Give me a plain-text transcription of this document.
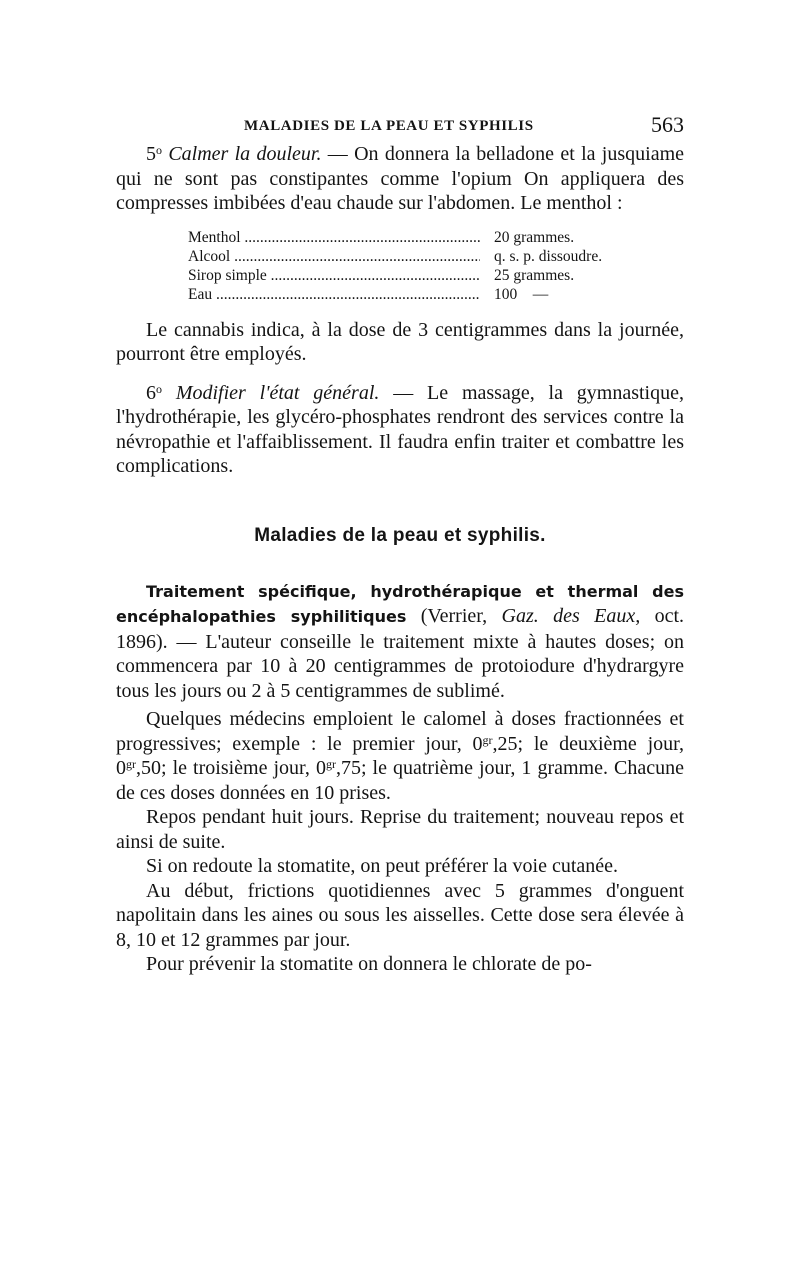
MALADIES DE LA PEAU ET SYPHILIS	563

5$^o$ Calmer la douleur. — On donnera la belladone et la jusquiame qui ne sont pas constipantes comme l'opium On appliquera des compresses imbibées d'eau chaude sur l'abdomen. Le menthol :

Menthol .....	20 grammes.
Alcool .....	q. s. p. dissoudre.
Sirop simple .....	25 grammes.
Eau .....	100    —

Le cannabis indica, à la dose de 3 centigrammes dans la journée, pourront être employés.

6$^o$ Modifier l'état général. — Le massage, la gymnastique, l'hydrothérapie, les glycéro-phosphates rendront des services contre la névropathie et l'affaiblissement. Il faudra enfin traiter et combattre les complications.

Maladies de la peau et syphilis.

Traitement spécifique, hydrothérapique et thermal des encéphalopathies syphilitiques (Verrier, Gaz. des Eaux, oct. 1896). — L'auteur conseille le traitement mixte à hautes doses; on commencera par 10 à 20 centigrammes de protoiodure d'hydrargyre tous les jours ou 2 à 5 centigrammes de sublimé.

Quelques médecins emploient le calomel à doses fractionnées et progressives; exemple : le premier jour, $0^{gr},25$; le deuxième jour, $0^{gr},50$; le troisième jour, $0^{gr},75$; le quatrième jour, 1 gramme. Chacune de ces doses données en 10 prises.

Repos pendant huit jours. Reprise du traitement; nouveau repos et ainsi de suite.

Si on redoute la stomatite, on peut préférer la voie cutanée.

Au début, frictions quotidiennes avec 5 grammes d'onguent napolitain dans les aines ou sous les aisselles. Cette dose sera élevée à 8, 10 et 12 grammes par jour.

Pour prévenir la stomatite on donnera le chlorate de po-
